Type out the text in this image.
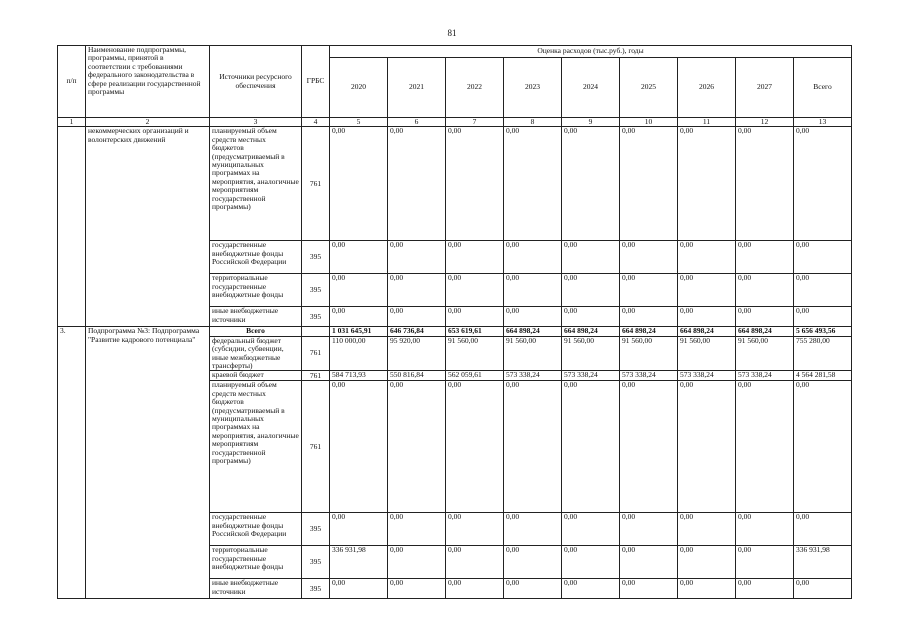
81
п/п	Наименование подпрограммы, программы, принятой в соответствии с требованиями федерального законодательства в сфере реализации государственной программы	Источники ресурсного обеспечения	ГРБС	Оценка расходов (тыс.руб.), годы								
				2020	2021	2022	2023	2024	2025	2026	2027	Всего
1	2	3	4	5	6	7	8	9	10	11	12	13
	некоммерческих организаций и волонтерских движений	планируемый объем средств местных бюджетов (предусматриваемый в муниципальных программах на мероприятия, аналогичные мероприятиям государственной программы)	761	0,00	0,00	0,00	0,00	0,00	0,00	0,00	0,00	0,00
		государственные внебюджетные фонды Российской Федерации	395	0,00	0,00	0,00	0,00	0,00	0,00	0,00	0,00	0,00
		территориальные государственные внебюджетные фонды	395	0,00	0,00	0,00	0,00	0,00	0,00	0,00	0,00	0,00
		иные внебюджетные источники	395	0,00	0,00	0,00	0,00	0,00	0,00	0,00	0,00	0,00
3.	Подпрограмма №3: Подпрограмма "Развитие кадрового потенциала"	Всего		1 031 645,91	646 736,84	653 619,61	664 898,24	664 898,24	664 898,24	664 898,24	664 898,24	5 656 493,56
		федеральный бюджет (субсидии, субвенции, иные межбюджетные трансферты)	761	110 000,00	95 920,00	91 560,00	91 560,00	91 560,00	91 560,00	91 560,00	91 560,00	755 280,00
		краевой бюджет	761	584 713,93	550 816,84	562 059,61	573 338,24	573 338,24	573 338,24	573 338,24	573 338,24	4 564 281,58
		планируемый объем средств местных бюджетов (предусматриваемый в муниципальных программах на мероприятия, аналогичные мероприятиям государственной программы)	761	0,00	0,00	0,00	0,00	0,00	0,00	0,00	0,00	0,00
		государственные внебюджетные фонды Российской Федерации	395	0,00	0,00	0,00	0,00	0,00	0,00	0,00	0,00	0,00
		территориальные государственные внебюджетные фонды	395	336 931,98	0,00	0,00	0,00	0,00	0,00	0,00	0,00	336 931,98
		иные внебюджетные источники	395	0,00	0,00	0,00	0,00	0,00	0,00	0,00	0,00	0,00
